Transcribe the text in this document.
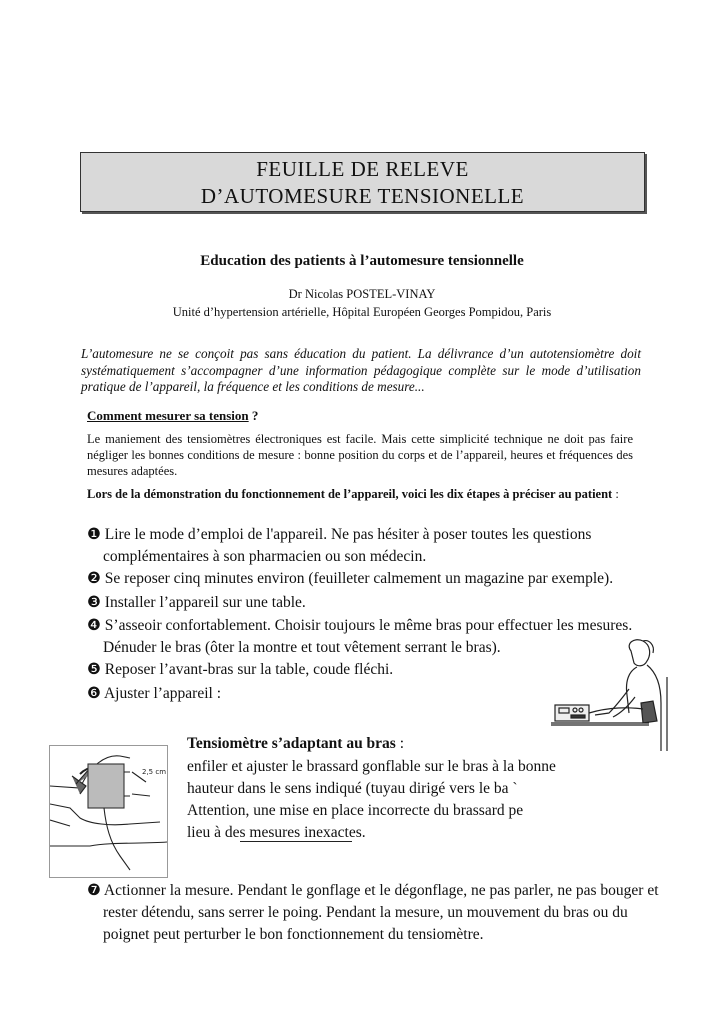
FEUILLE DE RELEVE
D’AUTOMESURE TENSIONELLE
Education des patients à l’automesure tensionnelle
Dr Nicolas POSTEL-VINAY
Unité d’hypertension artérielle, Hôpital Européen Georges Pompidou, Paris
L’automesure ne se conçoit pas sans éducation du patient. La délivrance d’un autotensiomètre doit systématiquement s’accompagner d’une information pédagogique complète sur le mode d’utilisation pratique de l’appareil, la fréquence et les conditions de mesure...
Comment mesurer sa tension ?
Le maniement des tensiomètres électroniques est facile. Mais cette simplicité technique ne doit pas faire négliger les bonnes conditions de mesure : bonne position du corps et de l’appareil, heures et fréquences des mesures adaptées.
Lors de la démonstration du fonctionnement de l’appareil, voici les dix étapes à préciser au patient :
❶ Lire le mode d’emploi de l'appareil. Ne pas hésiter à poser toutes les questions
complémentaires à son pharmacien ou son médecin.
❷ Se reposer cinq minutes environ (feuilleter calmement un magazine par exemple).
❸ Installer l’appareil sur une table.
❹ S’asseoir confortablement. Choisir toujours le même bras pour effectuer les mesures.
Dénuder le bras (ôter la montre et tout vêtement serrant le bras).
❺ Reposer l’avant-bras sur la table, coude fléchi.
❻ Ajuster l’appareil :
2,5 cm
Tensiomètre s’adaptant au bras :
enfiler et ajuster le brassard gonflable sur le bras à la bonne
hauteur dans le sens indiqué (tuyau dirigé vers le ba `
Attention, une mise en place incorrecte du brassard pe
lieu à des mesures inexactes.
❼ Actionner la mesure. Pendant le gonflage et le dégonflage, ne pas parler, ne pas bouger et
rester détendu, sans serrer le poing. Pendant la mesure, un mouvement du bras ou du
poignet peut perturber le bon fonctionnement du tensiomètre.
